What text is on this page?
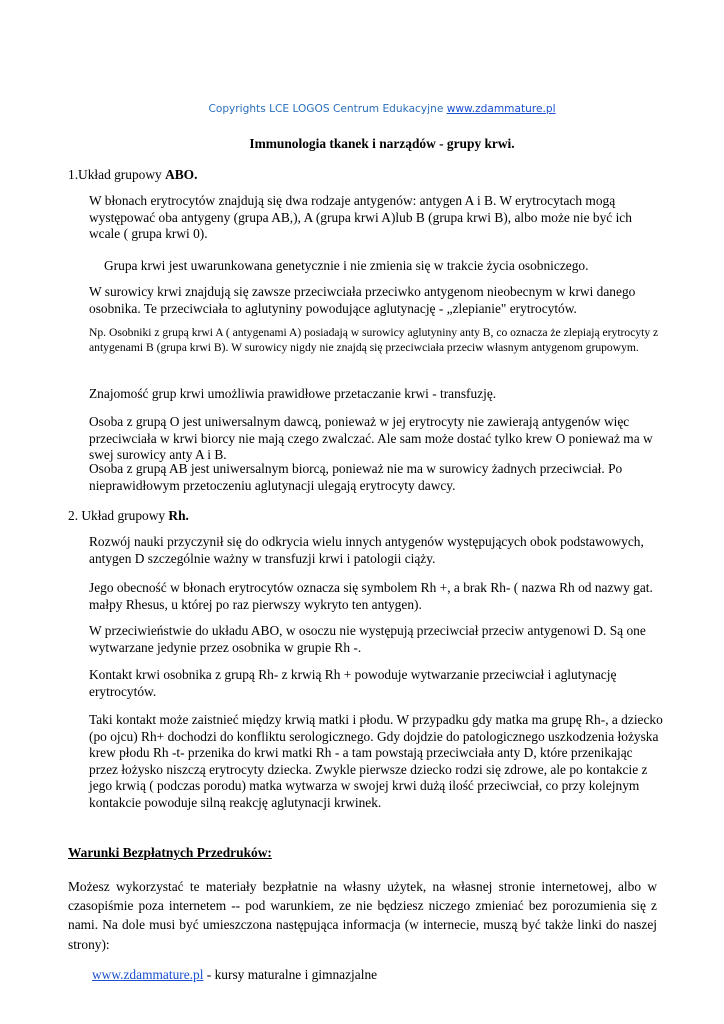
Copyrights LCE LOGOS Centrum Edukacyjne www.zdammature.pl
Immunologia tkanek i narządów - grupy krwi.
1.Układ grupowy ABO.

W błonach erytrocytów znajdują się dwa rodzaje antygenów: antygen A i B. W erytrocytach mogą występować oba antygeny (grupa AB,), A (grupa krwi A)lub B (grupa krwi B), albo może nie być ich wcale ( grupa krwi 0).

Grupa krwi jest uwarunkowana genetycznie i nie zmienia się w trakcie życia osobniczego.

W surowicy krwi znajdują się zawsze przeciwciała przeciwko antygenom nieobecnym w krwi danego osobnika. Te przeciwciała to aglutyniny powodujące aglutynację - „zlepianie" erytrocytów.

Np. Osobniki z grupą krwi A ( antygenami A) posiadają w surowicy aglutyniny anty B, co oznacza że zlepiają erytrocyty z antygenami B (grupa krwi B). W surowicy nigdy nie znajdą się przeciwciała przeciw własnym antygenom grupowym.

Znajomość grup krwi umożliwia prawidłowe przetaczanie krwi - transfuzję.

Osoba z grupą O jest uniwersalnym dawcą, ponieważ w jej erytrocyty nie zawierają antygenów więc przeciwciała w krwi biorcy nie mają czego zwalczać. Ale sam może dostać tylko krew O ponieważ ma w swej surowicy anty A i B.

Osoba z grupą AB jest uniwersalnym biorcą, ponieważ nie ma w surowicy żadnych przeciwciał. Po nieprawidłowym przetoczeniu aglutynacji ulegają erytrocyty dawcy.

2. Układ grupowy Rh.

Rozwój nauki przyczynił się do odkrycia wielu innych antygenów występujących obok podstawowych, antygen D szczególnie ważny w transfuzji krwi i patologii ciąży.

Jego obecność w błonach erytrocytów oznacza się symbolem Rh +, a brak Rh- ( nazwa Rh od nazwy gat. małpy Rhesus, u której po raz pierwszy wykryto ten antygen).

W przeciwieństwie do układu ABO, w osoczu nie występują przeciwciał przeciw antygenowi D. Są one wytwarzane jedynie przez osobnika w grupie Rh -.

Kontakt krwi osobnika z grupą Rh- z krwią Rh + powoduje wytwarzanie przeciwciał i aglutynację erytrocytów.

Taki kontakt może zaistnieć między krwią matki i płodu. W przypadku gdy matka ma grupę Rh-, a dziecko (po ojcu) Rh+ dochodzi do konfliktu serologicznego. Gdy dojdzie do patologicznego uszkodzenia łożyska krew płodu Rh -t- przenika do krwi matki Rh - a tam powstają przeciwciała anty D, które przenikając przez łożysko niszczą erytrocyty dziecka. Zwykle pierwsze dziecko rodzi się zdrowe, ale po kontakcie z jego krwią ( podczas porodu) matka wytwarza w swojej krwi dużą ilość przeciwciał, co przy kolejnym kontakcie powoduje silną reakcję aglutynacji krwinek.

Warunki Bezpłatnych Przedruków:

Możesz wykorzystać te materiały bezpłatnie na własny użytek, na własnej stronie internetowej, albo w czasopiśmie poza internetem -- pod warunkiem, ze nie będziesz niczego zmieniać bez porozumienia się z nami. Na dole musi być umieszczona następująca informacja (w internecie, muszą być także linki do naszej strony):

www.zdammature.pl - kursy maturalne i gimnazjalne
